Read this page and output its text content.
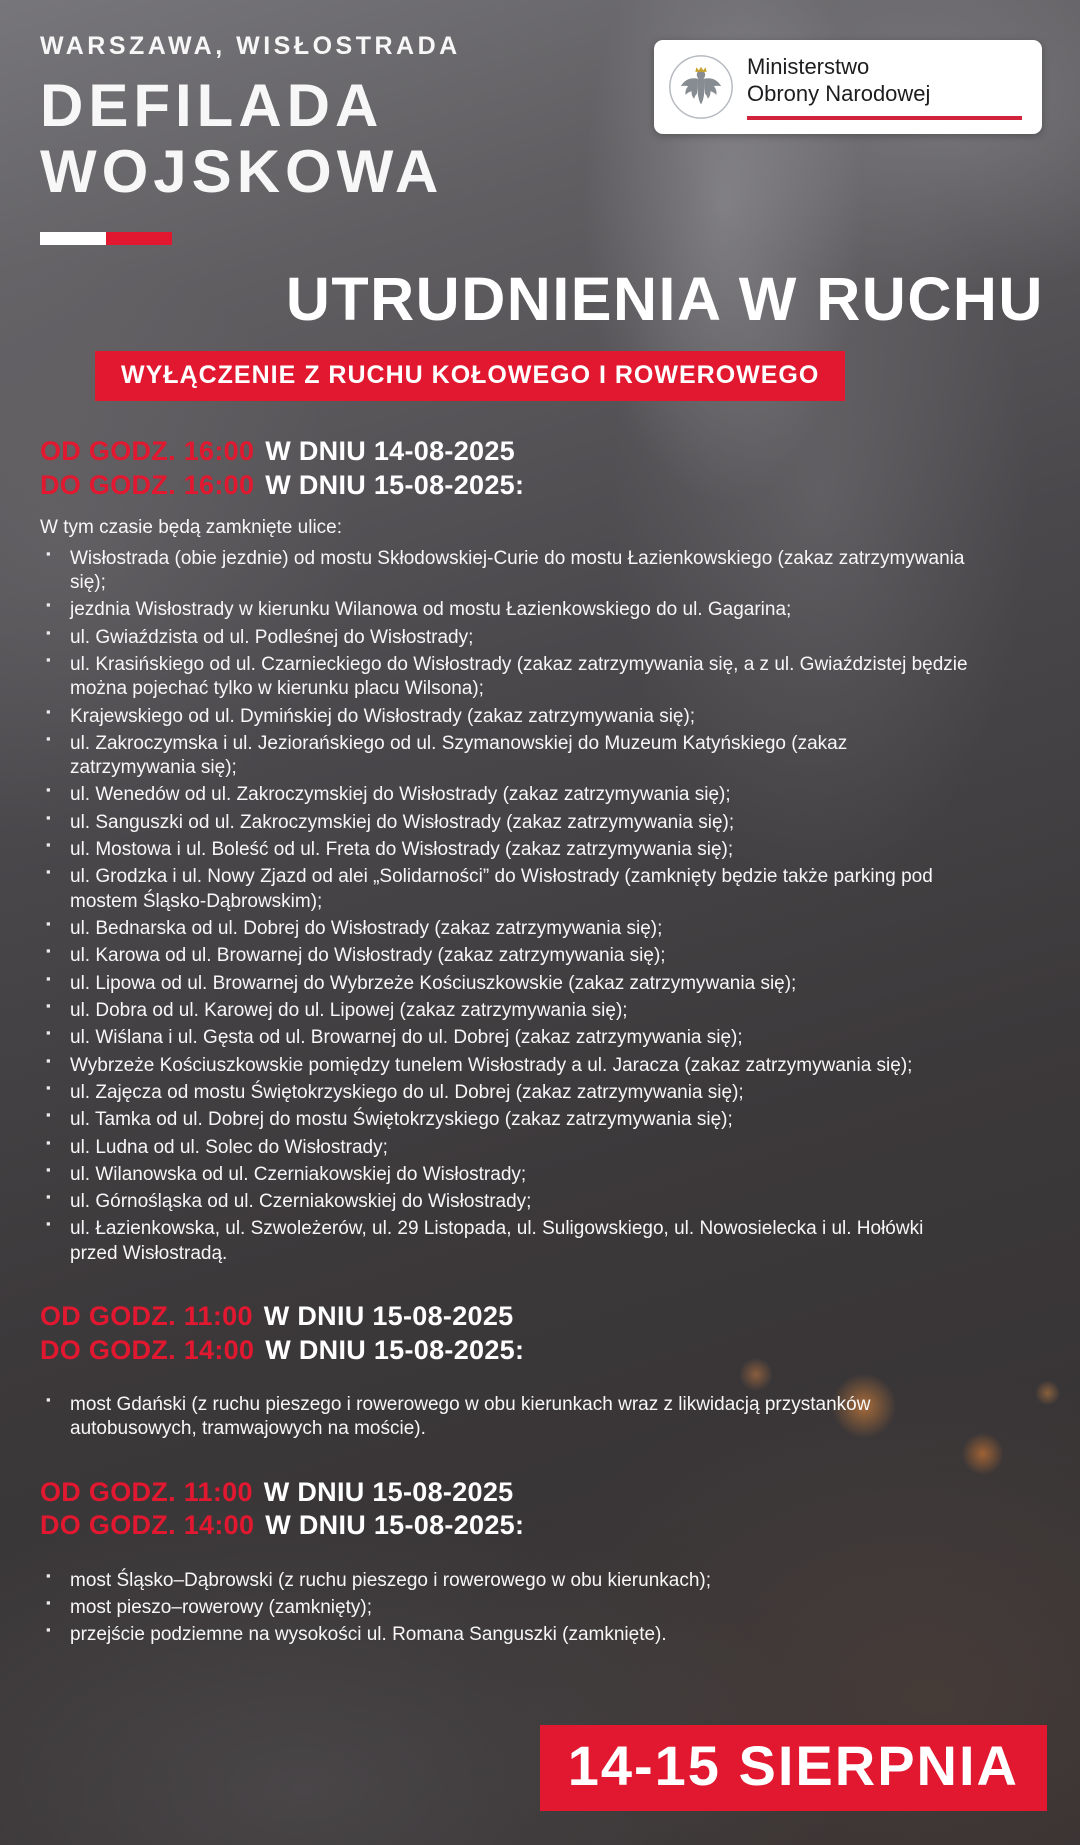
WARSZAWA, WISŁOSTRADA
DEFILADA
WOJSKOWA
Ministerstwo
Obrony Narodowej
UTRUDNIENIA W RUCHU
WYŁĄCZENIE Z RUCHU KOŁOWEGO I ROWEROWEGO
OD GODZ. 16:00 W DNIU 14-08-2025
DO GODZ. 16:00 W DNIU 15-08-2025:

W tym czasie będą zamknięte ulice:

▪ Wisłostrada (obie jezdnie) od mostu Skłodowskiej-Curie do mostu Łazienkowskiego (zakaz zatrzymywania się);
▪ jezdnia Wisłostrady w kierunku Wilanowa od mostu Łazienkowskiego do ul. Gagarina;
▪ ul. Gwiaździsta od ul. Podleśnej do Wisłostrady;
▪ ul. Krasińskiego od ul. Czarnieckiego do Wisłostrady (zakaz zatrzymywania się, a z ul. Gwiaździstej będzie można pojechać tylko w kierunku placu Wilsona);
▪ Krajewskiego od ul. Dymińskiej do Wisłostrady (zakaz zatrzymywania się);
▪ ul. Zakroczymska i ul. Jeziorańskiego od ul. Szymanowskiej do Muzeum Katyńskiego (zakaz zatrzymywania się);
▪ ul. Wenedów od ul. Zakroczymskiej do Wisłostrady (zakaz zatrzymywania się);
▪ ul. Sanguszki od ul. Zakroczymskiej do Wisłostrady (zakaz zatrzymywania się);
▪ ul. Mostowa i ul. Boleść od ul. Freta do Wisłostrady (zakaz zatrzymywania się);
▪ ul. Grodzka i ul. Nowy Zjazd od alei „Solidarności” do Wisłostrady (zamknięty będzie także parking pod mostem Śląsko-Dąbrowskim);
▪ ul. Bednarska od ul. Dobrej do Wisłostrady (zakaz zatrzymywania się);
▪ ul. Karowa od ul. Browarnej do Wisłostrady (zakaz zatrzymywania się);
▪ ul. Lipowa od ul. Browarnej do Wybrzeże Kościuszkowskie (zakaz zatrzymywania się);
▪ ul. Dobra od ul. Karowej do ul. Lipowej (zakaz zatrzymywania się);
▪ ul. Wiślana i ul. Gęsta od ul. Browarnej do ul. Dobrej (zakaz zatrzymywania się);
▪ Wybrzeże Kościuszkowskie pomiędzy tunelem Wisłostrady a ul. Jaracza (zakaz zatrzymywania się);
▪ ul. Zajęcza od mostu Świętokrzyskiego do ul. Dobrej (zakaz zatrzymywania się);
▪ ul. Tamka od ul. Dobrej do mostu Świętokrzyskiego (zakaz zatrzymywania się);
▪ ul. Ludna od ul. Solec do Wisłostrady;
▪ ul. Wilanowska od ul. Czerniakowskiej do Wisłostrady;
▪ ul. Górnośląska od ul. Czerniakowskiej do Wisłostrady;
▪ ul. Łazienkowska, ul. Szwoleżerów, ul. 29 Listopada, ul. Suligowskiego, ul. Nowosielecka i ul. Hołówki przed Wisłostradą.
OD GODZ. 11:00 W DNIU 15-08-2025
DO GODZ. 14:00 W DNIU 15-08-2025:
▪ most Gdański (z ruchu pieszego i rowerowego w obu kierunkach wraz z likwidacją przystanków autobusowych, tramwajowych na moście).
OD GODZ. 11:00 W DNIU 15-08-2025
DO GODZ. 14:00 W DNIU 15-08-2025:
▪ most Śląsko–Dąbrowski (z ruchu pieszego i rowerowego w obu kierunkach);
▪ most pieszo–rowerowy (zamknięty);
▪ przejście podziemne na wysokości ul. Romana Sanguszki (zamknięte).
14-15 SIERPNIA
